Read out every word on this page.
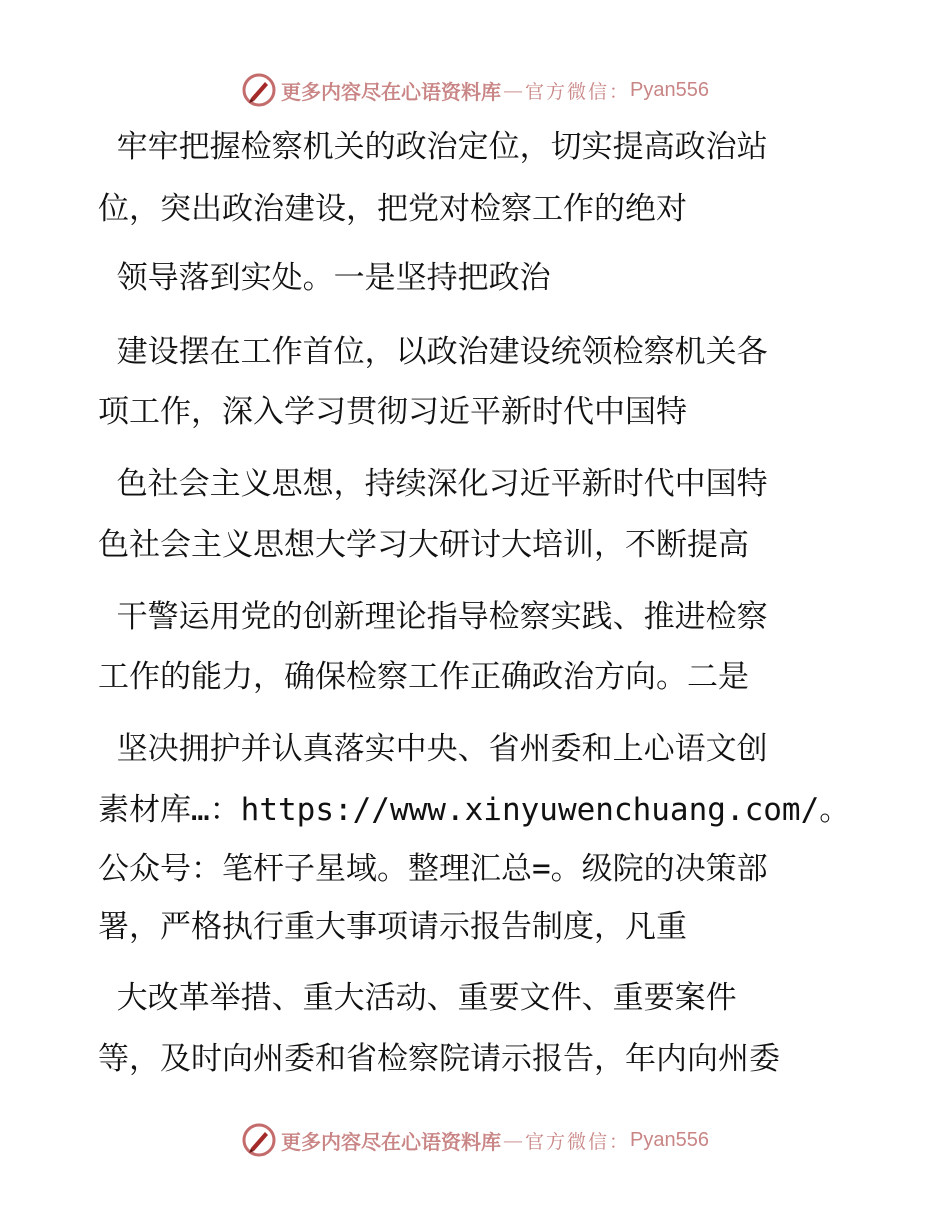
更多内容尽在心语资料库 — 官方微信： Pyan556
牢牢把握检察机关的政治定位，切实提高政治站
位，突出政治建设，把党对检察工作的绝对
领导落到实处。一是坚持把政治
建设摆在工作首位，以政治建设统领检察机关各
项工作，深入学习贯彻习近平新时代中国特
色社会主义思想，持续深化习近平新时代中国特
色社会主义思想大学习大研讨大培训，不断提高
干警运用党的创新理论指导检察实践、推进检察
工作的能力，确保检察工作正确政治方向。二是
坚决拥护并认真落实中央、省州委和上心语文创
素材库…：https://www.xinyuwenchuang.com/。
公众号：笔杆子星域。整理汇总=。级院的决策部
署，严格执行重大事项请示报告制度，凡重
大改革举措、重大活动、重要文件、重要案件
等，及时向州委和省检察院请示报告，年内向州委
更多内容尽在心语资料库 — 官方微信： Pyan556
